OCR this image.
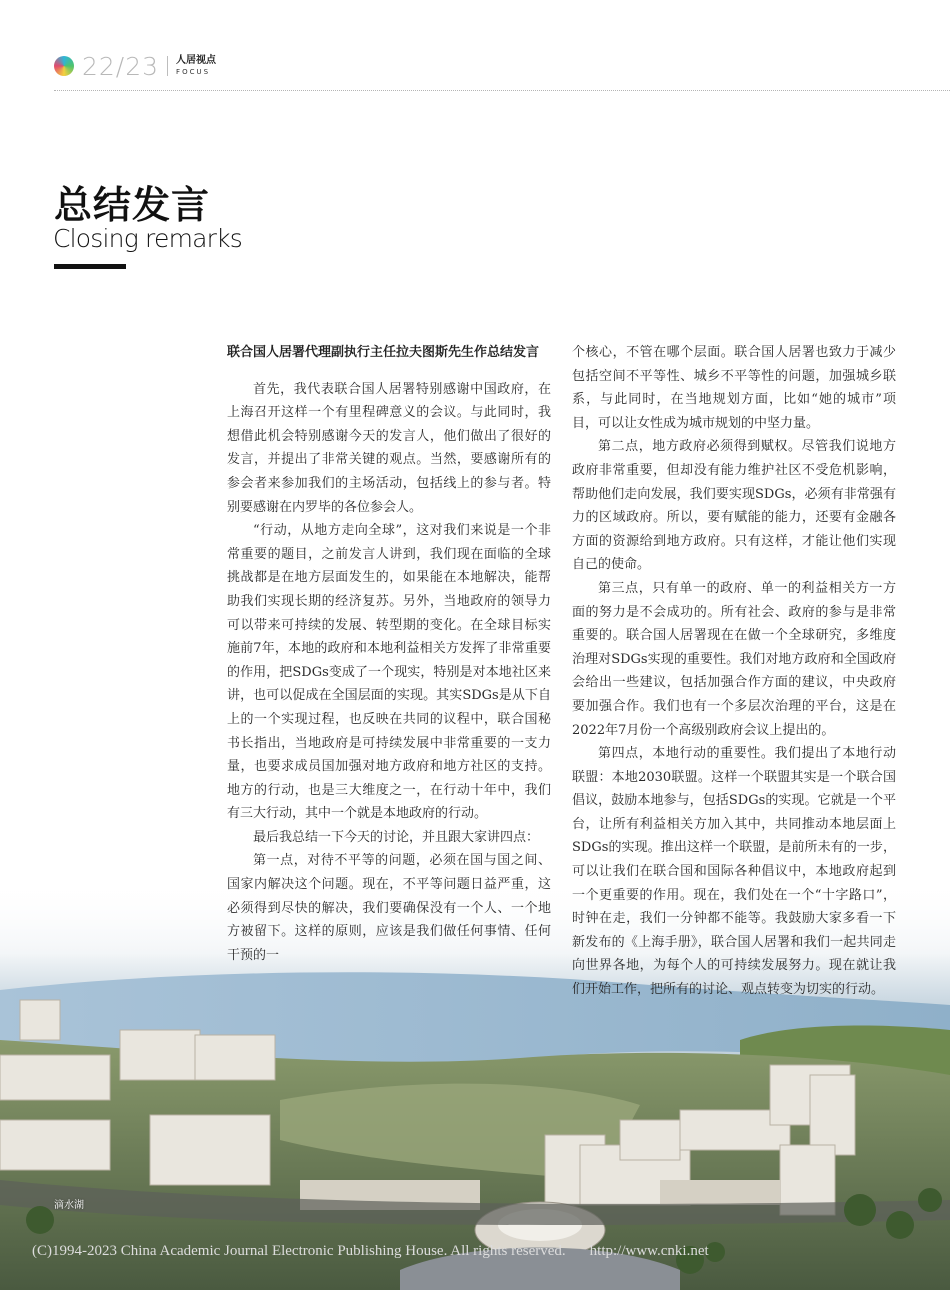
22/23 人居视点
FOCUS
总结发言
Closing remarks

联合国人居署代理副执行主任拉夫图斯先生作总结发言

首先，我代表联合国人居署特别感谢中国政府，在上海召开这样一个有里程碑意义的会议。与此同时，我想借此机会特别感谢今天的发言人，他们做出了很好的发言，并提出了非常关键的观点。当然，要感谢所有的参会者来参加我们的主场活动，包括线上的参与者。特别要感谢在内罗毕的各位参会人。

“行动，从地方走向全球”，这对我们来说是一个非常重要的题目，之前发言人讲到，我们现在面临的全球挑战都是在地方层面发生的，如果能在本地解决，能帮助我们实现长期的经济复苏。另外，当地政府的领导力可以带来可持续的发展、转型期的变化。在全球目标实施前7年，本地的政府和本地利益相关方发挥了非常重要的作用，把SDGs变成了一个现实，特别是对本地社区来讲，也可以促成在全国层面的实现。其实SDGs是从下自上的一个实现过程，也反映在共同的议程中，联合国秘书长指出，当地政府是可持续发展中非常重要的一支力量，也要求成员国加强对地方政府和地方社区的支持。地方的行动，也是三大维度之一，在行动十年中，我们有三大行动，其中一个就是本地政府的行动。

最后我总结一下今天的讨论，并且跟大家讲四点：

第一点，对待不平等的问题，必须在国与国之间、国家内解决这个问题。现在，不平等问题日益严重，这必须得到尽快的解决，我们要确保没有一个人、一个地方被留下。这样的原则，应该是我们做任何事情、任何干预的一

个核心，不管在哪个层面。联合国人居署也致力于减少包括空间不平等性、城乡不平等性的问题，加强城乡联系，与此同时，在当地规划方面，比如“她的城市”项目，可以让女性成为城市规划的中坚力量。

第二点，地方政府必须得到赋权。尽管我们说地方政府非常重要，但却没有能力维护社区不受危机影响，帮助他们走向发展，我们要实现SDGs，必须有非常强有力的区域政府。所以，要有赋能的能力，还要有金融各方面的资源给到地方政府。只有这样，才能让他们实现自己的使命。

第三点，只有单一的政府、单一的利益相关方一方面的努力是不会成功的。所有社会、政府的参与是非常重要的。联合国人居署现在在做一个全球研究，多维度治理对SDGs实现的重要性。我们对地方政府和全国政府会给出一些建议，包括加强合作方面的建议，中央政府要加强合作。我们也有一个多层次治理的平台，这是在2022年7月份一个高级别政府会议上提出的。

第四点，本地行动的重要性。我们提出了本地行动联盟：本地2030联盟。这样一个联盟其实是一个联合国倡议，鼓励本地参与，包括SDGs的实现。它就是一个平台，让所有利益相关方加入其中，共同推动本地层面上SDGs的实现。推出这样一个联盟，是前所未有的一步，可以让我们在联合国和国际各种倡议中，本地政府起到一个更重要的作用。现在，我们处在一个“十字路口”，时钟在走，我们一分钟都不能等。我鼓励大家多看一下新发布的《上海手册》，联合国人居署和我们一起共同走向世界各地，为每个人的可持续发展努力。现在就让我们开始工作，把所有的讨论、观点转变为切实的行动。

滴水湖
(C)1994-2023 China Academic Journal Electronic Publishing House. All rights reserved. http://www.cnki.net
